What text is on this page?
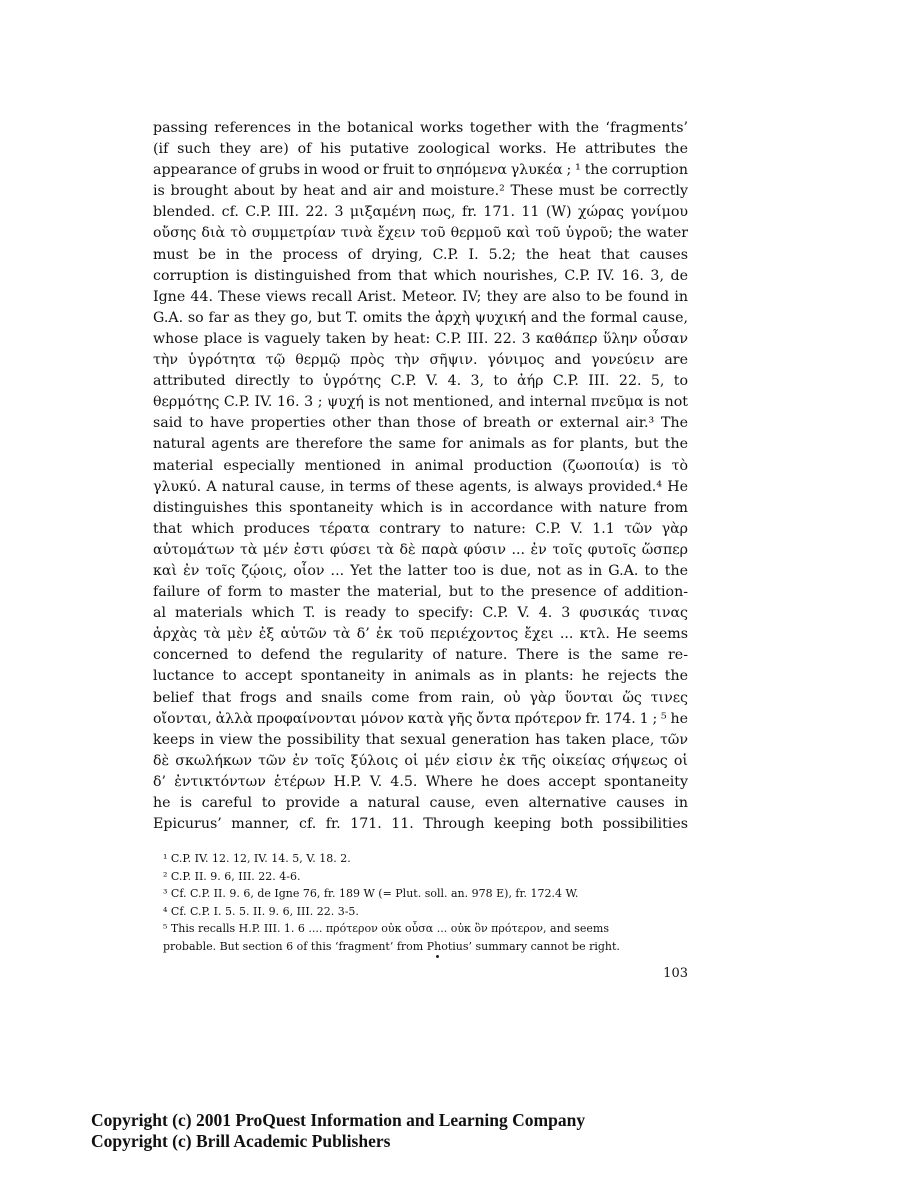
passing references in the botanical works together with the ‘fragments’
(if such they are) of his putative zoological works. He attributes the
appearance of grubs in wood or fruit to σηπόμενα γλυκέα ; ¹ the corruption
is brought about by heat and air and moisture.² These must be correctly
blended. cf. C.P. III. 22. 3 μιξαμένη πως, fr. 171. 11 (W) χώρας γονίμου
οὔσης διὰ τὸ συμμετρίαν τινὰ ἔχειν τοῦ θερμοῦ καὶ τοῦ ὑγροῦ; the water
must be in the process of drying, C.P. I. 5.2; the heat that causes
corruption is distinguished from that which nourishes, C.P. IV. 16. 3, de
Igne 44. These views recall Arist. Meteor. IV; they are also to be found in
G.A. so far as they go, but T. omits the ἀρχὴ ψυχική and the formal cause,
whose place is vaguely taken by heat: C.P. III. 22. 3 καθάπερ ὕλην οὖσαν
τὴν ὑγρότητα τῷ θερμῷ πρὸς τὴν σῆψιν. γόνιμος and γονεύειν are
attributed directly to ὑγρότης C.P. V. 4. 3, to ἀήρ C.P. III. 22. 5, to
θερμότης C.P. IV. 16. 3 ; ψυχή is not mentioned, and internal πνεῦμα is not
said to have properties other than those of breath or external air.³ The
natural agents are therefore the same for animals as for plants, but the
material especially mentioned in animal production (ζωοποιία) is τὸ
γλυκύ. A natural cause, in terms of these agents, is always provided.⁴ He
distinguishes this spontaneity which is in accordance with nature from
that which produces τέρατα contrary to nature: C.P. V. 1.1 τῶν γὰρ
αὐτομάτων τὰ μέν ἐστι φύσει τὰ δὲ παρὰ φύσιν ... ἐν τοῖς φυτοῖς ὥσπερ
καὶ ἐν τοῖς ζῴοις, οἷον ... Yet the latter too is due, not as in G.A. to the
failure of form to master the material, but to the presence of addition-
al materials which T. is ready to specify: C.P. V. 4. 3 φυσικάς τινας
ἀρχὰς τὰ μὲν ἐξ αὑτῶν τὰ δ’ ἐκ τοῦ περιέχοντος ἔχει ... κτλ. He seems
concerned to defend the regularity of nature. There is the same re-
luctance to accept spontaneity in animals as in plants: he rejects the
belief that frogs and snails come from rain, οὐ γὰρ ὕονται ὥς τινες
οἴονται, ἀλλὰ προφαίνονται μόνον κατὰ γῆς ὄντα πρότερον fr. 174. 1 ; ⁵ he
keeps in view the possibility that sexual generation has taken place, τῶν
δὲ σκωλήκων τῶν ἐν τοῖς ξύλοις οἱ μέν εἰσιν ἐκ τῆς οἰκείας σήψεως οἱ
δ’ ἐντικτόντων ἑτέρων H.P. V. 4.5. Where he does accept spontaneity
he is careful to provide a natural cause, even alternative causes in
Epicurus’ manner, cf. fr. 171. 11. Through keeping both possibilities
¹ C.P. IV. 12. 12, IV. 14. 5, V. 18. 2.
² C.P. II. 9. 6, III. 22. 4-6.
³ Cf. C.P. II. 9. 6, de Igne 76, fr. 189 W (= Plut. soll. an. 978 E), fr. 172.4 W.
⁴ Cf. C.P. I. 5. 5. II. 9. 6, III. 22. 3-5.
⁵ This recalls H.P. III. 1. 6 .... πρότερον οὐκ οὖσα ... οὐκ ὂν πρότερον, and seems
probable. But section 6 of this ‘fragment’ from Photius’ summary cannot be right.
103
Copyright (c) 2001 ProQuest Information and Learning Company
Copyright (c) Brill Academic Publishers
